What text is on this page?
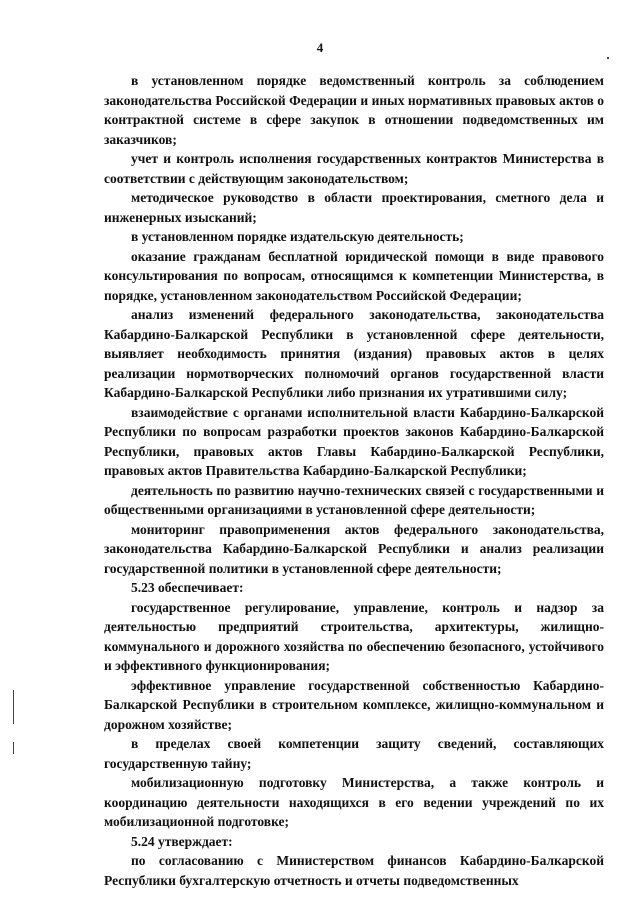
4

в установленном порядке ведомственный контроль за соблюдением законодательства Российской Федерации и иных нормативных правовых актов о контрактной системе в сфере закупок в отношении подведомственных им заказчиков;

учет и контроль исполнения государственных контрактов Министерства в соответствии с действующим законодательством;

методическое руководство в области проектирования, сметного дела и инженерных изысканий;

в установленном порядке издательскую деятельность;

оказание гражданам бесплатной юридической помощи в виде правового консультирования по вопросам, относящимся к компетенции Министерства, в порядке, установленном законодательством Российской Федерации;

анализ изменений федерального законодательства, законодательства Кабардино-Балкарской Республики в установленной сфере деятельности, выявляет необходимость принятия (издания) правовых актов в целях реализации нормотворческих полномочий органов государственной власти Кабардино-Балкарской Республики либо признания их утратившими силу;

взаимодействие с органами исполнительной власти Кабардино-Балкарской Республики по вопросам разработки проектов законов Кабардино-Балкарской Республики, правовых актов Главы Кабардино-Балкарской Республики, правовых актов Правительства Кабардино-Балкарской Республики;

деятельность по развитию научно-технических связей с государственными и общественными организациями в установленной сфере деятельности;

мониторинг правоприменения актов федерального законодательства, законодательства Кабардино-Балкарской Республики и анализ реализации государственной политики в установленной сфере деятельности;

5.23 обеспечивает:

государственное регулирование, управление, контроль и надзор за деятельностью предприятий строительства, архитектуры, жилищно-коммунального и дорожного хозяйства по обеспечению безопасного, устойчивого и эффективного функционирования;

эффективное управление государственной собственностью Кабардино-Балкарской Республики в строительном комплексе, жилищно-коммунальном и дорожном хозяйстве;

в пределах своей компетенции защиту сведений, составляющих государственную тайну;

мобилизационную подготовку Министерства, а также контроль и координацию деятельности находящихся в его ведении учреждений по их мобилизационной подготовке;

5.24 утверждает:

по согласованию с Министерством финансов Кабардино-Балкарской Республики бухгалтерскую отчетность и отчеты подведомственных
